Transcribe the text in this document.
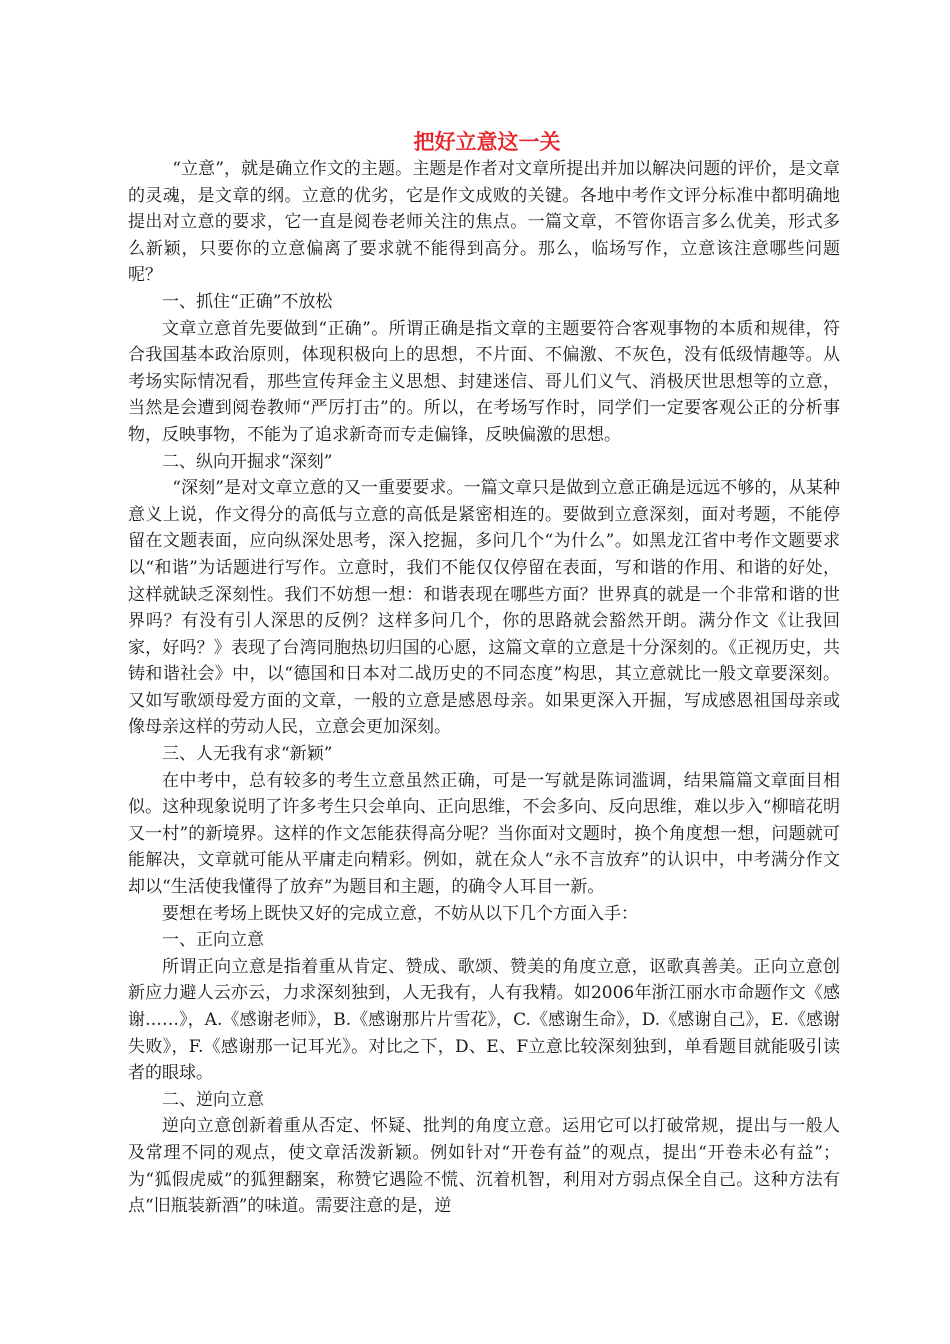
把好立意这一关

“立意”，就是确立作文的主题。主题是作者对文章所提出并加以解决问题的评价，是文章的灵魂，是文章的纲。立意的优劣，它是作文成败的关键。各地中考作文评分标准中都明确地提出对立意的要求，它一直是阅卷老师关注的焦点。一篇文章，不管你语言多么优美，形式多么新颖，只要你的立意偏离了要求就不能得到高分。那么，临场写作，立意该注意哪些问题呢？

一、抓住“正确”不放松

文章立意首先要做到“正确”。所谓正确是指文章的主题要符合客观事物的本质和规律，符合我国基本政治原则，体现积极向上的思想，不片面、不偏激、不灰色，没有低级情趣等。从考场实际情况看，那些宣传拜金主义思想、封建迷信、哥儿们义气、消极厌世思想等的立意，当然是会遭到阅卷教师“严厉打击”的。所以，在考场写作时，同学们一定要客观公正的分析事物，反映事物，不能为了追求新奇而专走偏锋，反映偏激的思想。

二、纵向开掘求“深刻”

“深刻”是对文章立意的又一重要要求。一篇文章只是做到立意正确是远远不够的，从某种意义上说，作文得分的高低与立意的高低是紧密相连的。要做到立意深刻，面对考题，不能停留在文题表面，应向纵深处思考，深入挖掘，多问几个“为什么”。如黑龙江省中考作文题要求以“和谐”为话题进行写作。立意时，我们不能仅仅停留在表面，写和谐的作用、和谐的好处，这样就缺乏深刻性。我们不妨想一想：和谐表现在哪些方面？世界真的就是一个非常和谐的世界吗？有没有引人深思的反例？这样多问几个，你的思路就会豁然开朗。满分作文《让我回家，好吗？》表现了台湾同胞热切归国的心愿，这篇文章的立意是十分深刻的。《正视历史，共铸和谐社会》中，以“德国和日本对二战历史的不同态度”构思，其立意就比一般文章要深刻。又如写歌颂母爱方面的文章，一般的立意是感恩母亲。如果更深入开掘，写成感恩祖国母亲或像母亲这样的劳动人民，立意会更加深刻。

三、人无我有求“新颖”

在中考中，总有较多的考生立意虽然正确，可是一写就是陈词滥调，结果篇篇文章面目相似。这种现象说明了许多考生只会单向、正向思维，不会多向、反向思维，难以步入“柳暗花明又一村”的新境界。这样的作文怎能获得高分呢？当你面对文题时，换个角度想一想，问题就可能解决，文章就可能从平庸走向精彩。例如，就在众人“永不言放弃”的认识中，中考满分作文却以“生活使我懂得了放弃”为题目和主题，的确令人耳目一新。

要想在考场上既快又好的完成立意，不妨从以下几个方面入手：

一、正向立意

所谓正向立意是指着重从肯定、赞成、歌颂、赞美的角度立意，讴歌真善美。正向立意创新应力避人云亦云，力求深刻独到，人无我有，人有我精。如2006年浙江丽水市命题作文《感谢……》，A.《感谢老师》，B.《感谢那片片雪花》，C.《感谢生命》，D.《感谢自己》，E.《感谢失败》，F.《感谢那一记耳光》。对比之下，D、E、F立意比较深刻独到，单看题目就能吸引读者的眼球。

二、逆向立意

逆向立意创新着重从否定、怀疑、批判的角度立意。运用它可以打破常规，提出与一般人及常理不同的观点，使文章活泼新颖。例如针对“开卷有益”的观点，提出“开卷未必有益”；为“狐假虎威”的狐狸翻案，称赞它遇险不慌、沉着机智，利用对方弱点保全自己。这种方法有点“旧瓶装新酒”的味道。需要注意的是，逆
